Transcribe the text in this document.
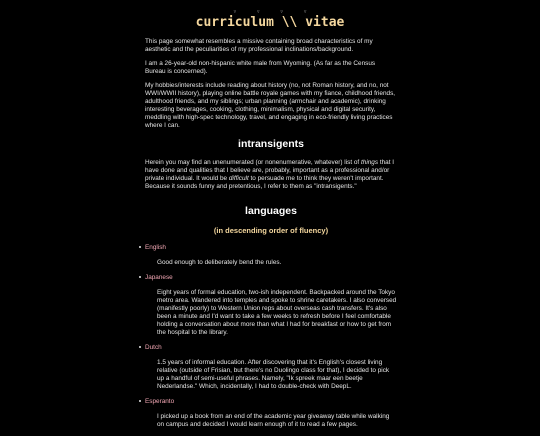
▿	▿	▿	▿
curriculum \\ vitae

This page somewhat resembles a missive containing broad characteristics of my aesthetic and the peculiarities of my professional inclinations/background.

I am a 26-year-old non-hispanic white male from Wyoming. (As far as the Census Bureau is concerned).

My hobbies/interests include reading about history (no, not Roman history, and no, not WWI/WWII history), playing online battle royale games with my fiance, childhood friends, adulthood friends, and my siblings; urban planning (armchair and academic), drinking interesting beverages, cooking, clothing, minimalism, physical and digital security, meddling with high-spec technology, travel, and engaging in eco-friendly living practices where I can.

intransigents

Herein you may find an unenumerated (or nonenumerative, whatever) list of things that I have done and qualities that I believe are, probably, important as a professional and/or private individual. It would be difficult to persuade me to think they weren't important. Because it sounds funny and pretentious, I refer to them as "intransigents."

languages
(in descending order of fluency)
English

Good enough to deliberately bend the rules.

Japanese

Eight years of formal education, two-ish independent. Backpacked around the Tokyo metro area. Wandered into temples and spoke to shrine caretakers. I also conversed (manifestly poorly) to Western Union reps about overseas cash transfers. It's also been a minute and I'd want to take a few weeks to refresh before I feel comfortable holding a conversation about more than what I had for breakfast or how to get from the hospital to the library.

Dutch

1.5 years of informal education. After discovering that it's English's closest living relative (outside of Frisian, but there's no Duolingo class for that), I decided to pick up a handful of semi-useful phrases. Namely, "Ik spreek maar een beetje Nederlandse." Which, incidentally, I had to double-check with DeepL.

Esperanto

I picked up a book from an end of the academic year giveaway table while walking on campus and decided I would learn enough of it to read a few pages.
